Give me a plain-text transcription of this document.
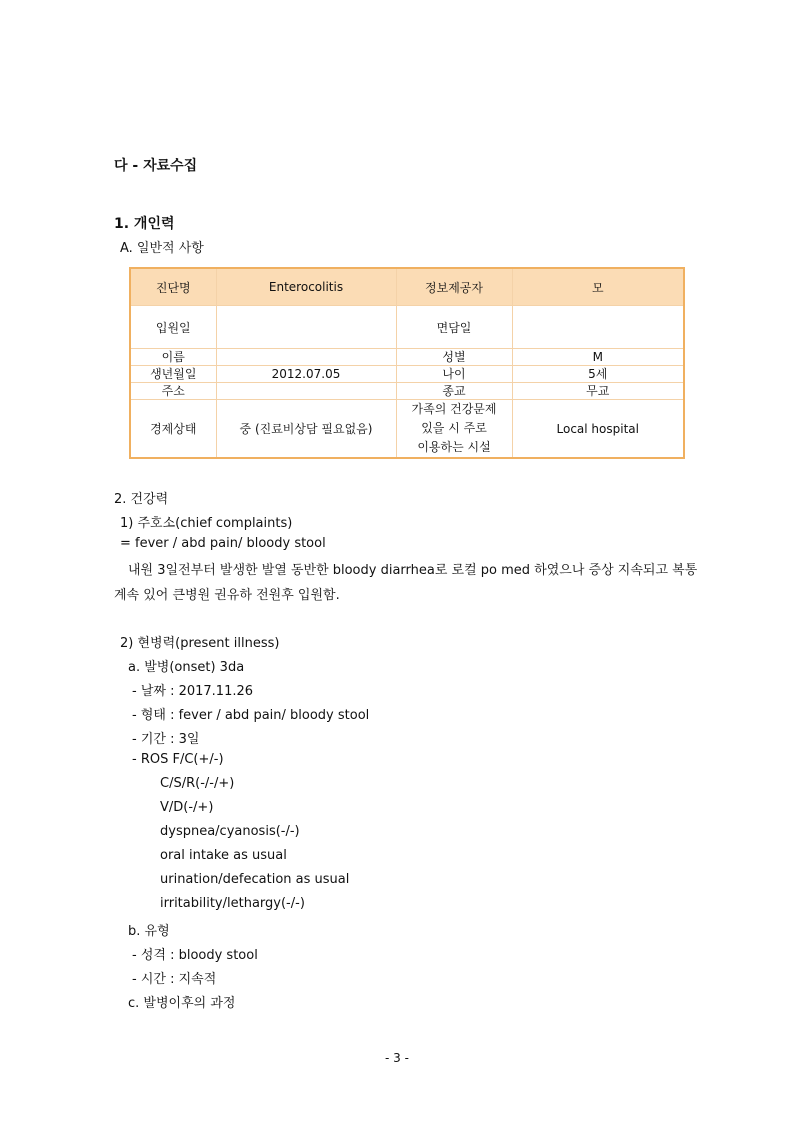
다 - 자료수집
1. 개인력
A. 일반적 사항
진단명	Enterocolitis	정보제공자	모
입원일		면담일	
이름		성별	M
생년월일	2012.07.05	나이	5세
주소		종교	무교
경제상태	중 (진료비상담 필요없음)	가족의 건강문제
있을 시 주로
이용하는 시설	Local hospital
2. 건강력
1) 주호소(chief complaints)
= fever / abd pain/ bloody stool
내원 3일전부터 발생한 발열 동반한 bloody diarrhea로 로컬 po med 하였으나 증상 지속되고 복통
계속 있어 큰병원 권유하 전원후 입원함.
2) 현병력(present illness)
a. 발병(onset) 3da
- 날짜 : 2017.11.26
- 형태 : fever / abd pain/ bloody stool
- 기간 : 3일
- ROS F/C(+/-)
C/S/R(-/-/+)
V/D(-/+)
dyspnea/cyanosis(-/-)
oral intake as usual
urination/defecation as usual
irritability/lethargy(-/-)
b. 유형
- 성격 : bloody stool
- 시간 : 지속적
c. 발병이후의 과정
- 3 -
